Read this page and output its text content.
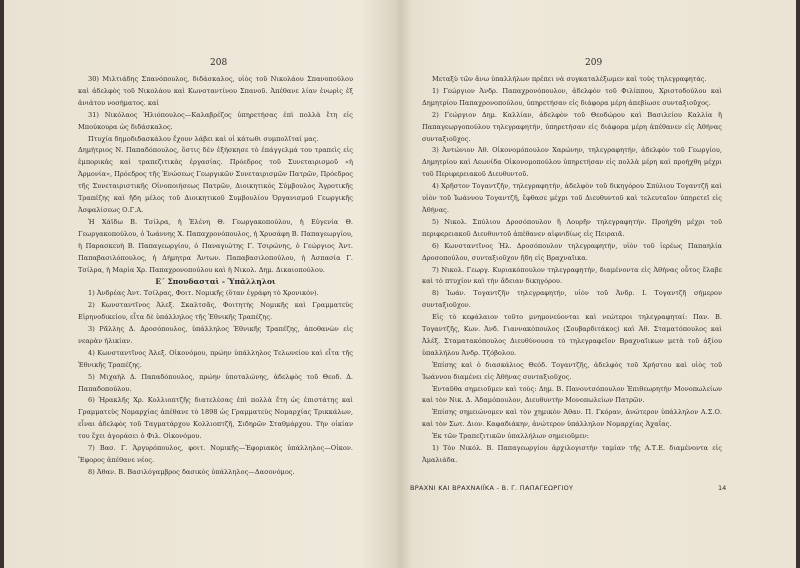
208

30) Μιλτιάδης Σπανόπουλος, διδάσκαλος, υἱὸς τοῦ Νικολάου Σπανοπούλου καὶ ἀδελφὸς τοῦ Νικολάου καὶ Κωνσταντίνου Σπανοῦ. Ἀπέθανε λίαν ἐνωρὶς ἐξ ἀνιάτου νοσήματος. καὶ

31) Νικόλαος Ἠλιόπουλος—Καλαβρέζος ὑπηρετήσας ἐπὶ πολλὰ ἔτη εἰς Μπούκουρα ὡς διδάσκαλος.

Πτυχία δημοδιδασκάλου ἔχουν λάβει καὶ οἱ κάτωθι συμπολῖταί μας.

Δημήτριος Ν. Παπαδόπουλος, ὅστις δὲν ἐξήσκησε τὸ ἐπάγγελμά του τραπεὶς εἰς ἐμπορικὰς καὶ τραπεζιτικὰς ἐργασίας. Πρόεδρος τοῦ Συνεταιρισμοῦ «ἡ Ἁρμονία», Πρόεδρος τῆς Ἑνώσεως Γεωργικῶν Συνεταιρισμῶν Πατρῶν, Πρόεδρος τῆς Συνεταιριστικῆς Οἰνοποιήσεως Πατρῶν, Διοικητικὸς Σύμβουλος Ἀγροτικῆς Τραπέζης καὶ ἤδη μέλος τοῦ Διοικητικοῦ Συμβουλίου Ὀργανισμοῦ Γεωργικῆς Ἀσφαλίσεως Ο.Γ.Α.

Ἡ Χάϊδω Β. Τσίλρα, ἡ Ἑλένη Θ. Γεωργακοπούλου, ἡ Εὐγενία Θ. Γεωργακοπούλου, ὁ Ἰωάννης Χ. Παπαχρονόπουλος, ἡ Χρυσάφη Β. Παπαγεωργίου, ἡ Παρασκευὴ Β. Παπαγεωργίου, ὁ Παναγιώτης Γ. Τσιρώνης, ὁ Γεώργιος Ἀντ. Παπαβασιλόπουλος, ἡ Δήμητρα Ἀντων. Παπαβασιλοπούλου, ἡ Ἀσπασία Γ. Τσίλρα, ἡ Μαρία Χρ. Παπαχρονοπούλου καὶ ἡ Νικολ. Δημ. Δικαιοπούλου.

Ε΄ Σπουδασταὶ - Ὑπάλληλοι

1) Ἀνδρέας Ἀντ. Τσίλρας, Φοιτ. Νομικῆς (ὅταν ἐγράφη τὸ Χρονικόν).

2) Κωνσταντῖνος Ἀλεξ. Σκαλτσᾶς, Φοιτητὴς Νομικῆς καὶ Γραμματεὺς Εἰρηνοδικείου, εἶτα δὲ ὑπάλληλος τῆς Ἐθνικῆς Τραπέζης.

3) Ρᾶλλης Δ. Δροσόπουλος, ὑπάλληλος Ἐθνικῆς Τραπέζης, ἀποθανὼν εἰς νεαρὰν ἡλικίαν.

4) Κωνσταντῖνος Ἀλεξ. Οἰκονόμου, πρώην ὑπάλληλος Τελωνείου καὶ εἶτα τῆς Ἐθνικῆς Τραπέζης.

5) Μιχαὴλ Δ. Παπαδόπουλος, πρώην ὑποταλώνης, ἀδελφὸς τοῦ Θεοδ. Δ. Παπαδοπούλου.

6) Ἡρακλῆς Χρ. Κολλιοπτζῆς διατελέσας ἐπὶ πολλὰ ἔτη ὡς ἐπιστάτης καὶ Γραμματεὺς Νομαρχίας ἀπέθανε τὸ 1898 ὡς Γραμματεὺς Νομαρχίας Τρικκάλων, εἶναι ἀδελφὸς τοῦ Ταγματάρχου Κολλιοπτζῆ, Σιδηρῶν Σταθμάρχου. Τὴν οἰκίαν του ἔχει ἀγοράσει ὁ Φιλ. Οἰκονόμου.

7) Βασ. Γ. Ἀργυρόπουλος, φοιτ. Νομικῆς—Ἐφοριακὸς ὑπάλληλος—Οἰκον. Ἔφορος ἀπέθανε νέος.

8) Ἀθαν. Β. Βασιλόγαμβρος δασικὸς ὑπάλληλος—Δασονόμος.

209

Μεταξὺ τῶν ἄνω ὑπαλλήλων πρέπει νὰ συγκαταλέξωμεν καὶ τοὺς τηλεγραφητάς.

1) Γεώργιον Ἀνδρ. Παπαχρονόπουλον, ἀδελφὸν τοῦ Φιλίππου, Χριστοδούλου καὶ Δημητρίου Παπαχρονοπούλου, ὑπηρετήσαν εἰς διάφορα μέρη ἀπεβίωσε συνταξιοῦχος.

2) Γεώργιον Δημ. Καλλίαν, ἀδελφὸν τοῦ Θεοδώρου καὶ Βασιλείου Καλλία ἢ Παπαγεωργοπούλου τηλεγραφητήν, ὑπηρετήσαν εἰς διάφορα μέρη ἀπέθανεν εἰς Ἀθήνας συνταξιοῦχος.

3) Ἀντώνιον Ἀθ. Οἰκονομόπουλον Χαρώνην, τηλεγραφητήν, ἀδελφὸν τοῦ Γεωργίου, Δημητρίου καὶ Λεωνίδα Οἰκονομοπούλου ὑπηρετήσαν εἰς πολλὰ μέρη καὶ προήχθη μέχρι τοῦ Περιφερειακοῦ Διευθυντοῦ.

4) Χρῆστον Τογαντζῆν, τηλεγραφητήν, ἀδελφὸν τοῦ δικηγόρου Σπύλιου Τογαντζῆ καὶ υἱὸν τοῦ Ἰωάννου Τογαντζῆ, ἔφθασε μέχρι τοῦ Διευθυντοῦ καὶ τελευταῖον ὑπηρετεῖ εἰς Ἀθήνας.

5) Νικολ. Σπύλιου Δροσόπουλον ἢ Λουρῆν τηλεγραφητήν. Προήχθη μέχρι τοῦ περιφερειακοῦ Διευθυντοῦ ἀπέθανεν αἰφνιδίως εἰς Πειραιᾶ.

6) Κωνσταντῖνος Ἠλ. Δροσόπουλον τηλεγραφητήν, υἱὸν τοῦ ἱερέως Παπαηλία Δροσοπούλου, συνταξιοῦχον ἤδη εἰς Βραχναῖικα.

7) Νικολ. Γεωργ. Κυριακόπουλον τηλεγραφητήν, διαμένοντα εἰς Ἀθήνας οὗτος ἔλαβε καὶ τὸ πτυχίον καὶ τὴν ἄδειαν δικηγόρου.

8) Ἰωάν. Τογαντζῆν τηλεγραφητήν, υἱὸν τοῦ Ἀνδρ. Ι. Τογαντζῆ σήμερον συνταξιοῦχον.

Εἰς τὸ κεφάλαιον τοῦτο μνημονεύονται καὶ νεώτεροι τηλεγραφηταί: Παν. Β. Τογαντζῆς, Κων. Ἀνδ. Γιαννακόπουλος (Σουβαρδιτάκος) καὶ Ἀθ. Σταματόπουλος καὶ Ἀλέξ. Σταματακόπουλος Διευθύνουσα τὸ τηλεγραφεῖον Βραχναῖικων μετὰ τοῦ ἀξίου ὑπαλλήλου Ἀνδρ. Τζόβολου.

Ἐπίσης καὶ ὁ διασκάλιος Θεόδ. Τογαντζῆς, ἀδελφὸς τοῦ Χρήστου καὶ υἱὸς τοῦ Ἰωάννου διαμένει εἰς Ἀθήνας συνταξιοῦχος.

Ἐνταῦθα σημειοῦμεν καὶ τοὺς: Δημ. Β. Πανουτσόπουλον Ἐπιθεωρητὴν Μονοπωλείων καὶ τὸν Νικ. Δ. Ἀδαμόπουλον, Διευθυντὴν Μονοπωλείων Πατρῶν.

Ἐπίσης σημειώνομεν καὶ τὸν χημικὸν Ἀθαν. Π. Γκόραν, ἀνώτερον ὑπάλληλον Α.Σ.Ο. καὶ τὸν Σωτ. Διον. Καφαδιάκην, ἀνώτερον ὑπάλληλον Νομαρχίας Ἀχαΐας.

Ἐκ τῶν Τραπεζιτικῶν ὑπαλλήλων σημειοῦμεν:

1) Τὸν Νικόλ. Β. Παπαγεωργίου ἀρχιλογιστὴν ταμίαν τῆς Α.Τ.Ε. διαμένοντα εἰς Ἀμαλιάδα.

ΒΡΑΧΝΙ ΚΑΙ ΒΡΑΧΝΑΙΪΚΑ - Β. Γ. ΠΑΠΑΓΕΩΡΓΙΟΥ	14
